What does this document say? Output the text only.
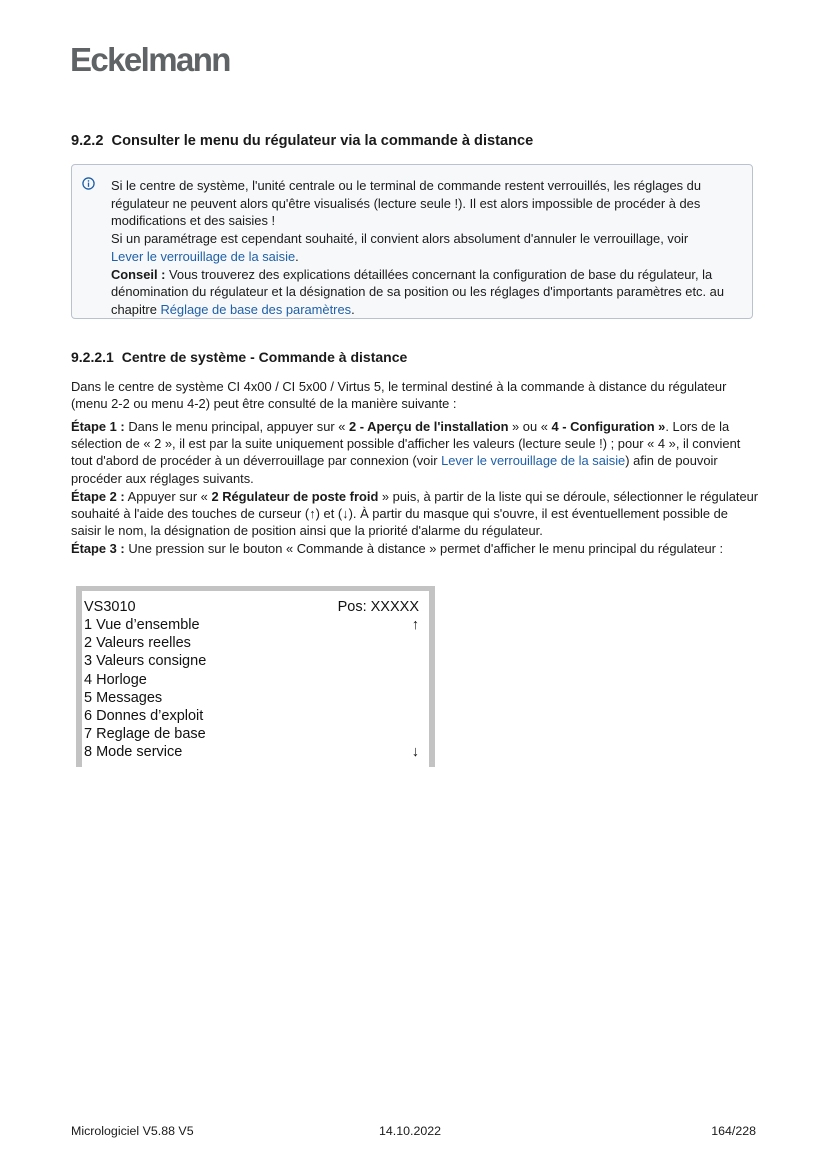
Eckelmann
9.2.2 Consulter le menu du régulateur via la commande à distance
Si le centre de système, l'unité centrale ou le terminal de commande restent verrouillés, les réglages du régulateur ne peuvent alors qu'être visualisés (lecture seule !). Il est alors impossible de procéder à des modifications et des saisies !
Si un paramétrage est cependant souhaité, il convient alors absolument d'annuler le verrouillage, voir
Lever le verrouillage de la saisie.
Conseil : Vous trouverez des explications détaillées concernant la configuration de base du régulateur, la dénomination du régulateur et la désignation de sa position ou les réglages d'importants paramètres etc. au chapitre Réglage de base des paramètres.
9.2.2.1 Centre de système - Commande à distance
Dans le centre de système CI 4x00 / CI 5x00 / Virtus 5, le terminal destiné à la commande à distance du régulateur (menu 2-2 ou menu 4-2) peut être consulté de la manière suivante :
Étape 1 : Dans le menu principal, appuyer sur « 2 - Aperçu de l'installation » ou « 4 - Configuration ». Lors de la sélection de « 2 », il est par la suite uniquement possible d'afficher les valeurs (lecture seule !) ; pour « 4 », il convient tout d'abord de procéder à un déverrouillage par connexion (voir Lever le verrouillage de la saisie) afin de pouvoir procéder aux réglages suivants.
Étape 2 : Appuyer sur « 2 Régulateur de poste froid » puis, à partir de la liste qui se déroule, sélectionner le régulateur souhaité à l'aide des touches de curseur (↑) et (↓). À partir du masque qui s'ouvre, il est éventuellement possible de saisir le nom, la désignation de position ainsi que la priorité d'alarme du régulateur.
Étape 3 : Une pression sur le bouton « Commande à distance » permet d'afficher le menu principal du régulateur :
VS3010	Pos: XXXXX
1 Vue d’ensemble	↑
2 Valeurs reelles
3 Valeurs consigne
4 Horloge
5 Messages
6 Donnes d’exploit
7 Reglage de base
8 Mode service	↓
Micrologiciel V5.88 V5	14.10.2022	164/228
